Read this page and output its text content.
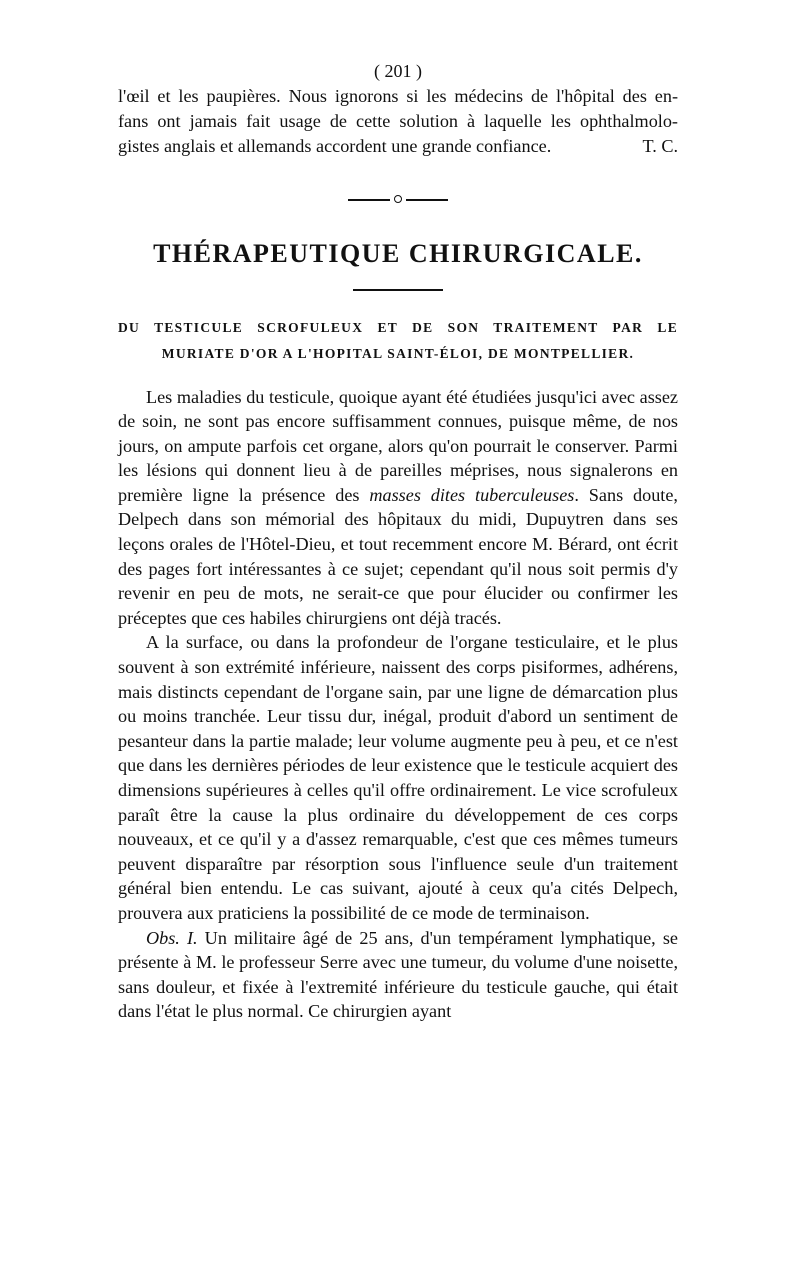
( 201 )

l'œil et les paupières. Nous ignorons si les médecins de l'hôpital des en-

fans ont jamais fait usage de cette solution à laquelle les ophthalmolo-

gistes anglais et allemands accordent une grande confiance.	T. C.

THÉRAPEUTIQUE CHIRURGICALE.
DU TESTICULE SCROFULEUX ET DE SON TRAITEMENT PAR LE
MURIATE D'OR A L'HOPITAL SAINT-ÉLOI, DE MONTPELLIER.

Les maladies du testicule, quoique ayant été étudiées jusqu'ici avec assez de soin, ne sont pas encore suffisamment connues, puisque même, de nos jours, on ampute parfois cet organe, alors qu'on pourrait le conserver. Parmi les lésions qui donnent lieu à de pareilles méprises, nous signalerons en première ligne la présence des masses dites tuberculeuses. Sans doute, Delpech dans son mémorial des hôpitaux du midi, Dupuytren dans ses leçons orales de l'Hôtel-Dieu, et tout recemment encore M. Bérard, ont écrit des pages fort intéressantes à ce sujet; cependant qu'il nous soit permis d'y revenir en peu de mots, ne serait-ce que pour élucider ou confirmer les préceptes que ces habiles chirurgiens ont déjà tracés.

A la surface, ou dans la profondeur de l'organe testiculaire, et le plus souvent à son extrémité inférieure, naissent des corps pisiformes, adhérens, mais distincts cependant de l'organe sain, par une ligne de démarcation plus ou moins tranchée. Leur tissu dur, inégal, produit d'abord un sentiment de pesanteur dans la partie malade; leur volume augmente peu à peu, et ce n'est que dans les dernières périodes de leur existence que le testicule acquiert des dimensions supérieures à celles qu'il offre ordinairement. Le vice scrofuleux paraît être la cause la plus ordinaire du développement de ces corps nouveaux, et ce qu'il y a d'assez remarquable, c'est que ces mêmes tumeurs peuvent disparaître par résorption sous l'influence seule d'un traitement général bien entendu. Le cas suivant, ajouté à ceux qu'a cités Delpech, prouvera aux praticiens la possibilité de ce mode de terminaison.

Obs. I. Un militaire âgé de 25 ans, d'un tempérament lymphatique, se présente à M. le professeur Serre avec une tumeur, du volume d'une noisette, sans douleur, et fixée à l'extremité inférieure du testicule gauche, qui était dans l'état le plus normal. Ce chirurgien ayant
